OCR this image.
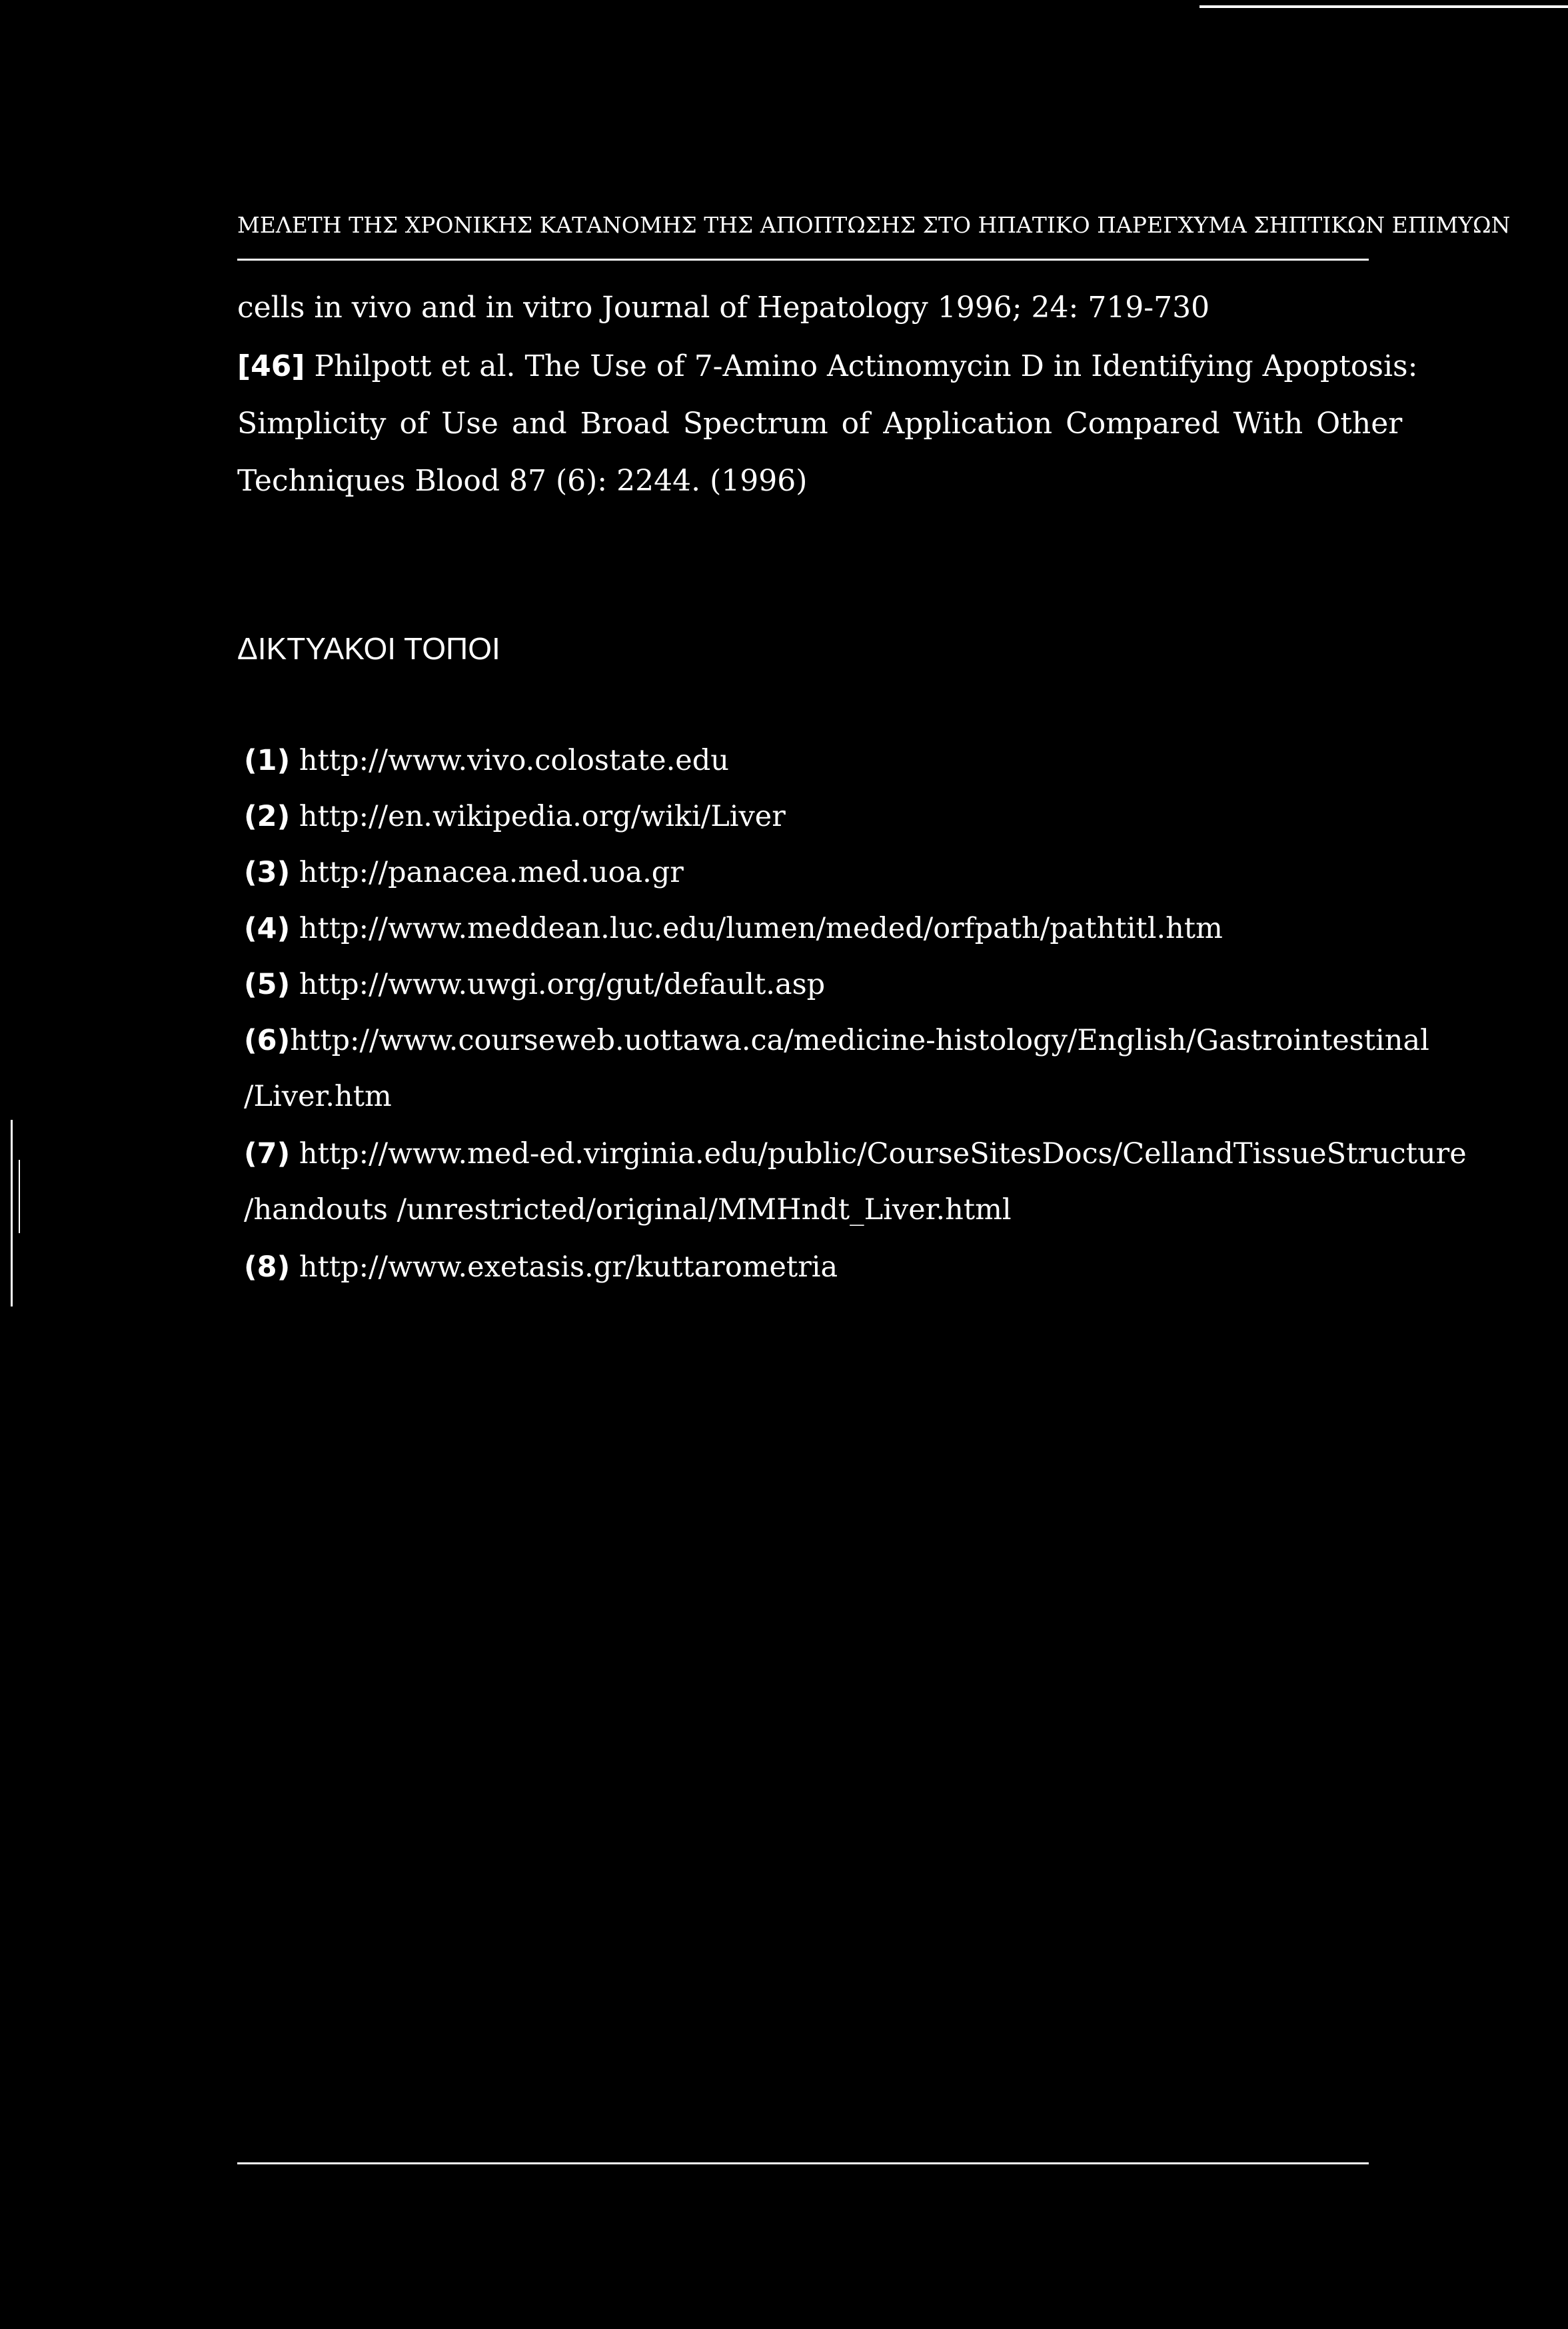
ΜΕΛΕΤΗ ΤΗΣ ΧΡΟΝΙΚΗΣ ΚΑΤΑΝΟΜΗΣ ΤΗΣ ΑΠΟΠΤΩΣΗΣ ΣΤΟ ΗΠΑΤΙΚΟ ΠΑΡΕΓΧΥΜΑ ΣΗΠΤΙΚΩΝ ΕΠΙΜΥΩΝ
cells in vivo and in vitro Journal of Hepatology 1996; 24: 719-730
[46] Philpott et al. The Use of 7-Amino Actinomycin D in Identifying Apoptosis:
Simplicity of Use and Broad Spectrum of Application Compared With Other
Techniques Blood 87 (6): 2244. (1996)
ΔΙΚΤΥΑΚΟΙ ΤΟΠΟΙ
(1) http://www.vivo.colostate.edu
(2) http://en.wikipedia.org/wiki/Liver
(3) http://panacea.med.uoa.gr
(4) http://www.meddean.luc.edu/lumen/meded/orfpath/pathtitl.htm
(5) http://www.uwgi.org/gut/default.asp
(6)http://www.courseweb.uottawa.ca/medicine-histology/English/Gastrointestinal
/Liver.htm
(7) http://www.med-ed.virginia.edu/public/CourseSitesDocs/CellandTissueStructure
/handouts /unrestricted/original/MMHndt_Liver.html
(8) http://www.exetasis.gr/kuttarometria
